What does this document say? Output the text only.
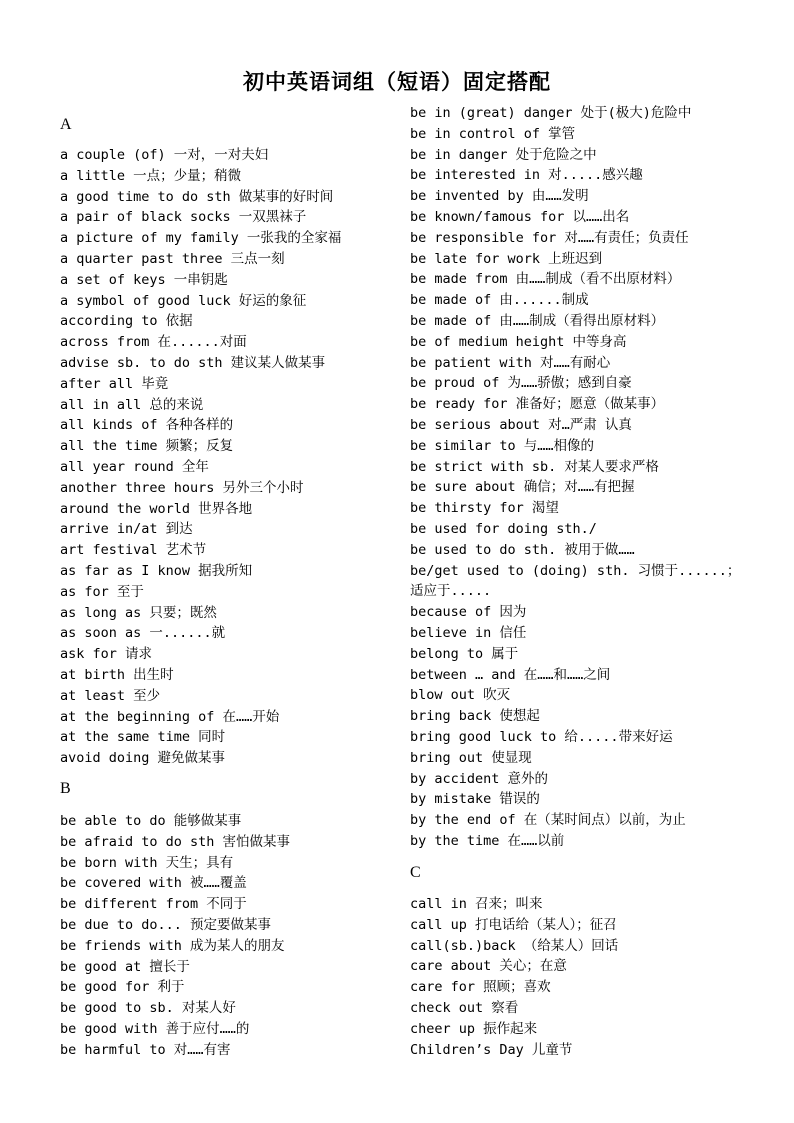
初中英语词组（短语）固定搭配
A
a couple (of) 一对，一对夫妇
a little 一点；少量；稍微
a good time to do sth 做某事的好时间
a pair of black socks 一双黑袜子
a picture of my family 一张我的全家福
a quarter past three 三点一刻
a set of keys 一串钥匙
a symbol of good luck 好运的象征
according to 依据
across from 在......对面
advise sb. to do sth 建议某人做某事
after all 毕竟
all in all 总的来说
all kinds of 各种各样的
all the time 频繁；反复
all year round 全年
another three hours 另外三个小时
around the world 世界各地
arrive in/at 到达
art festival 艺术节
as far as I know 据我所知
as for 至于
as long as 只要；既然
as soon as 一......就
ask for 请求
at birth 出生时
at least 至少
at the beginning of 在……开始
at the same time 同时
avoid doing 避免做某事
B
be able to do 能够做某事
be afraid to do sth 害怕做某事
be born with 天生；具有
be covered with 被……覆盖
be different from 不同于
be due to do... 预定要做某事
be friends with 成为某人的朋友
be good at 擅长于
be good for 利于
be good to sb. 对某人好
be good with 善于应付……的
be harmful to 对……有害
be in (great) danger 处于(极大)危险中
be in control of 掌管
be in danger 处于危险之中
be interested in 对.....感兴趣
be invented by 由……发明
be known/famous for 以……出名
be responsible for 对……有责任；负责任
be late for work 上班迟到
be made from 由……制成（看不出原材料）
be made of 由......制成
be made of 由……制成（看得出原材料）
be of medium height 中等身高
be patient with 对……有耐心
be proud of 为……骄傲；感到自豪
be ready for 准备好；愿意（做某事）
be serious about 对…严肃 认真
be similar to 与……相像的
be strict with sb. 对某人要求严格
be sure about 确信；对……有把握
be thirsty for 渴望
be used for doing sth./
be used to do sth. 被用于做……
be/get used to (doing) sth. 习惯于......；
适应于.....
because of 因为
believe in 信任
belong to 属于
between … and 在……和……之间
blow out 吹灭
bring back 使想起
bring good luck to 给.....带来好运
bring out 使显现
by accident 意外的
by mistake 错误的
by the end of 在（某时间点）以前，为止
by the time 在……以前
C
call in 召来；叫来
call up 打电话给（某人）；征召
call(sb.)back （给某人）回话
care about 关心；在意
care for 照顾；喜欢
check out 察看
cheer up 振作起来
Children’s Day 儿童节
